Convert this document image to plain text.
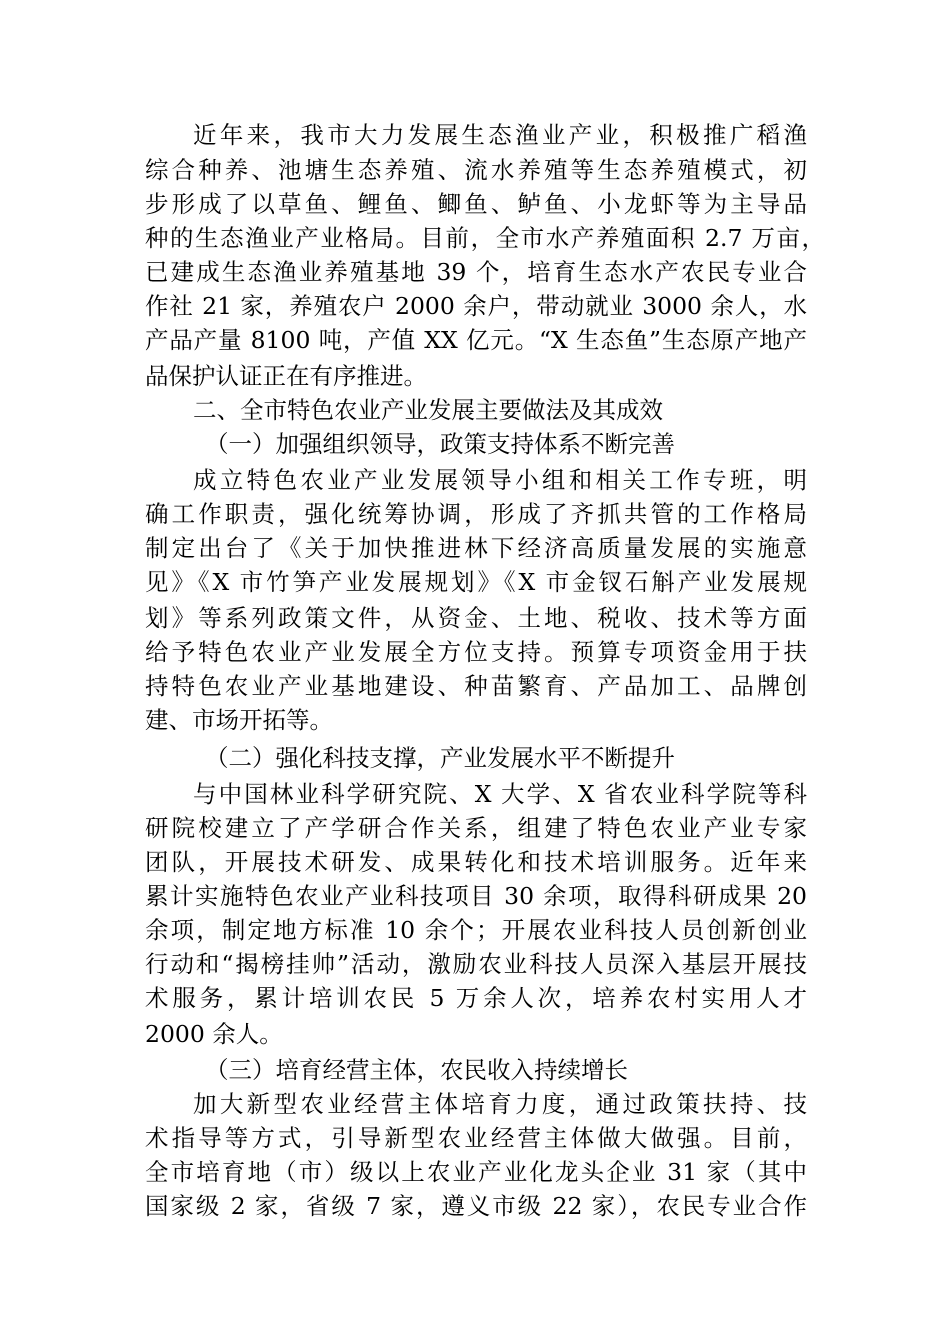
近年来，我市大力发展生态渔业产业，积极推广稻渔
综合种养、池塘生态养殖、流水养殖等生态养殖模式，初
步形成了以草鱼、鲤鱼、鲫鱼、鲈鱼、小龙虾等为主导品
种的生态渔业产业格局。目前，全市水产养殖面积 2.7 万亩，
已建成生态渔业养殖基地 39 个，培育生态水产农民专业合
作社 21 家，养殖农户 2000 余户，带动就业 3000 余人，水
产品产量 8100 吨，产值 XX 亿元。“X 生态鱼”生态原产地产
品保护认证正在有序推进。
二、全市特色农业产业发展主要做法及其成效
（一）加强组织领导，政策支持体系不断完善
成立特色农业产业发展领导小组和相关工作专班，明
确工作职责，强化统筹协调，形成了齐抓共管的工作格局
制定出台了《关于加快推进林下经济高质量发展的实施意
见》《X 市竹笋产业发展规划》《X 市金钗石斛产业发展规
划》等系列政策文件，从资金、土地、税收、技术等方面
给予特色农业产业发展全方位支持。预算专项资金用于扶
持特色农业产业基地建设、种苗繁育、产品加工、品牌创
建、市场开拓等。
（二）强化科技支撑，产业发展水平不断提升
与中国林业科学研究院、X 大学、X 省农业科学院等科
研院校建立了产学研合作关系，组建了特色农业产业专家
团队，开展技术研发、成果转化和技术培训服务。近年来
累计实施特色农业产业科技项目 30 余项，取得科研成果 20
余项，制定地方标准 10 余个；开展农业科技人员创新创业
行动和“揭榜挂帅”活动，激励农业科技人员深入基层开展技
术服务，累计培训农民 5 万余人次，培养农村实用人才
2000 余人。
（三）培育经营主体，农民收入持续增长
加大新型农业经营主体培育力度，通过政策扶持、技
术指导等方式，引导新型农业经营主体做大做强。目前，
全市培育地（市）级以上农业产业化龙头企业 31 家（其中
国家级 2 家，省级 7 家，遵义市级 22 家），农民专业合作
